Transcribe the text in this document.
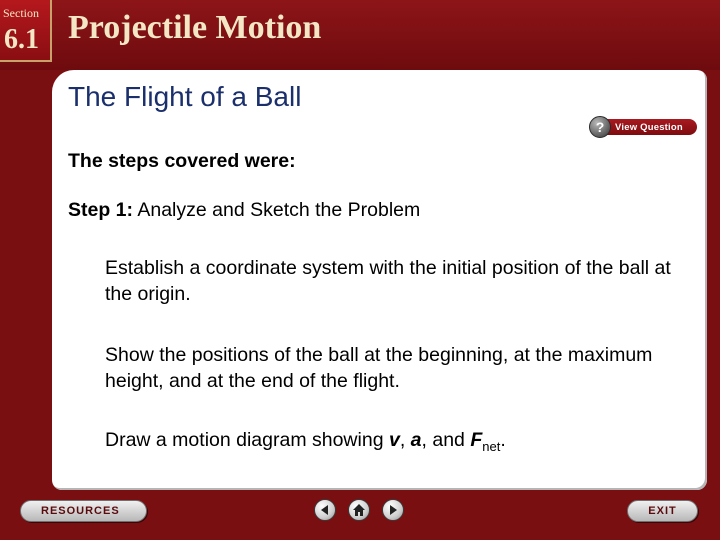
Section
6.1 Projectile Motion
The Flight of a Ball
?	View Question
The steps covered were:
Step 1: Analyze and Sketch the Problem
Establish a coordinate system with the initial position of the ball at the origin.
Show the positions of the ball at the beginning, at the maximum height, and at the end of the flight.
Draw a motion diagram showing v, a, and $F_{net}$.
RESOURCES	EXIT
